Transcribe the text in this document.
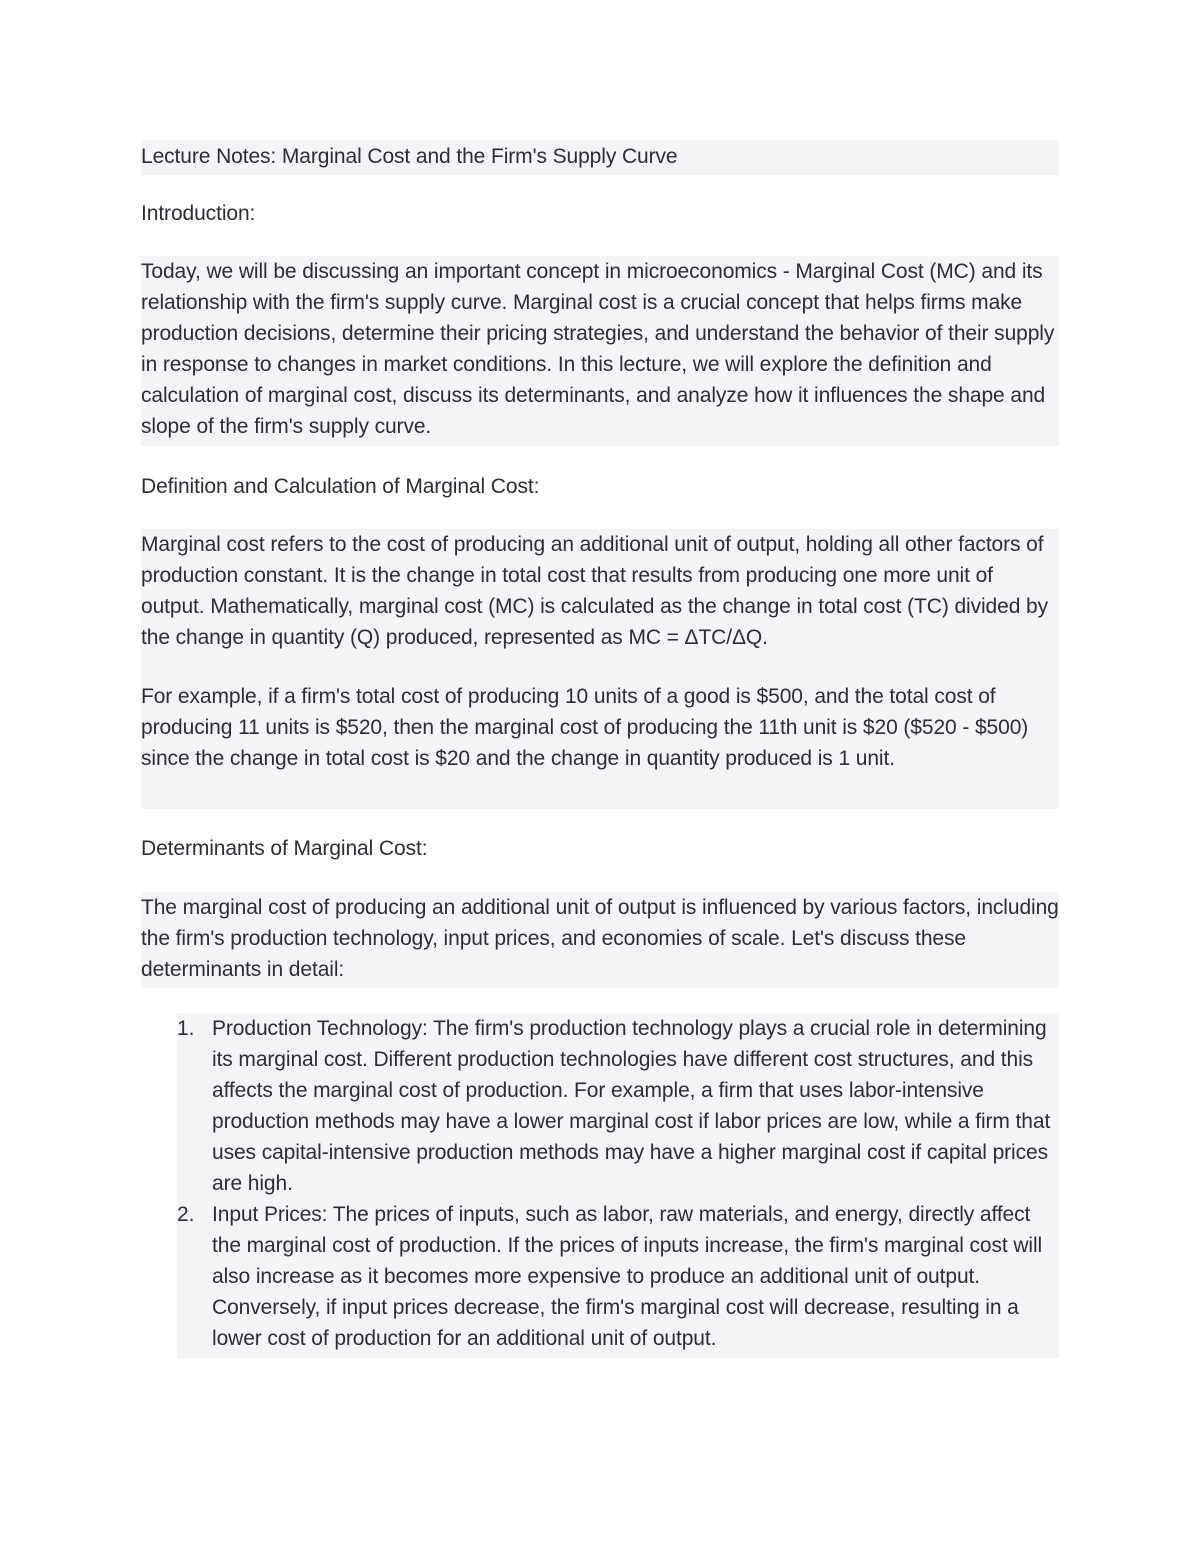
Lecture Notes: Marginal Cost and the Firm's Supply Curve
Introduction:
Today, we will be discussing an important concept in microeconomics - Marginal Cost (MC) and its relationship with the firm's supply curve. Marginal cost is a crucial concept that helps firms make production decisions, determine their pricing strategies, and understand the behavior of their supply in response to changes in market conditions. In this lecture, we will explore the definition and calculation of marginal cost, discuss its determinants, and analyze how it influences the shape and slope of the firm's supply curve.
Definition and Calculation of Marginal Cost:
Marginal cost refers to the cost of producing an additional unit of output, holding all other factors of production constant. It is the change in total cost that results from producing one more unit of output. Mathematically, marginal cost (MC) is calculated as the change in total cost (TC) divided by the change in quantity (Q) produced, represented as MC = ΔTC/ΔQ.
For example, if a firm's total cost of producing 10 units of a good is $500, and the total cost of producing 11 units is $520, then the marginal cost of producing the 11th unit is $20 ($520 - $500) since the change in total cost is $20 and the change in quantity produced is 1 unit.
Determinants of Marginal Cost:
The marginal cost of producing an additional unit of output is influenced by various factors, including the firm's production technology, input prices, and economies of scale. Let's discuss these determinants in detail:
1. Production Technology: The firm's production technology plays a crucial role in determining its marginal cost. Different production technologies have different cost structures, and this affects the marginal cost of production. For example, a firm that uses labor-intensive production methods may have a lower marginal cost if labor prices are low, while a firm that uses capital-intensive production methods may have a higher marginal cost if capital prices are high.
2. Input Prices: The prices of inputs, such as labor, raw materials, and energy, directly affect the marginal cost of production. If the prices of inputs increase, the firm's marginal cost will also increase as it becomes more expensive to produce an additional unit of output. Conversely, if input prices decrease, the firm's marginal cost will decrease, resulting in a lower cost of production for an additional unit of output.
